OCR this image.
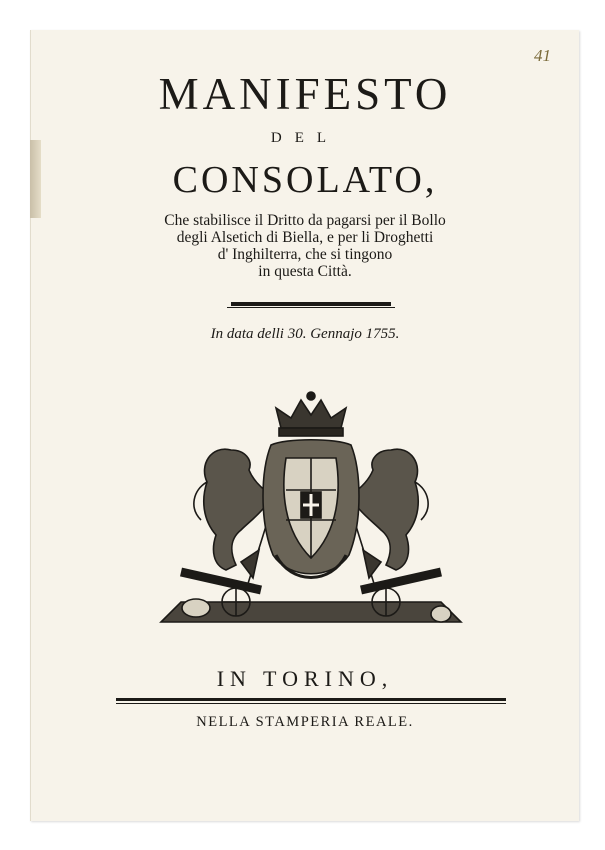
41
MANIFESTO
DEL
CONSOLATO,
Che stabilisce il Dritto da pagarsi per il Bollo
degli Alsetich di Biella, e per li Droghetti
d' Inghilterra, che si tingono
in questa Città.
In data delli 30. Gennajo 1755.
IN TORINO,
NELLA STAMPERIA REALE.
